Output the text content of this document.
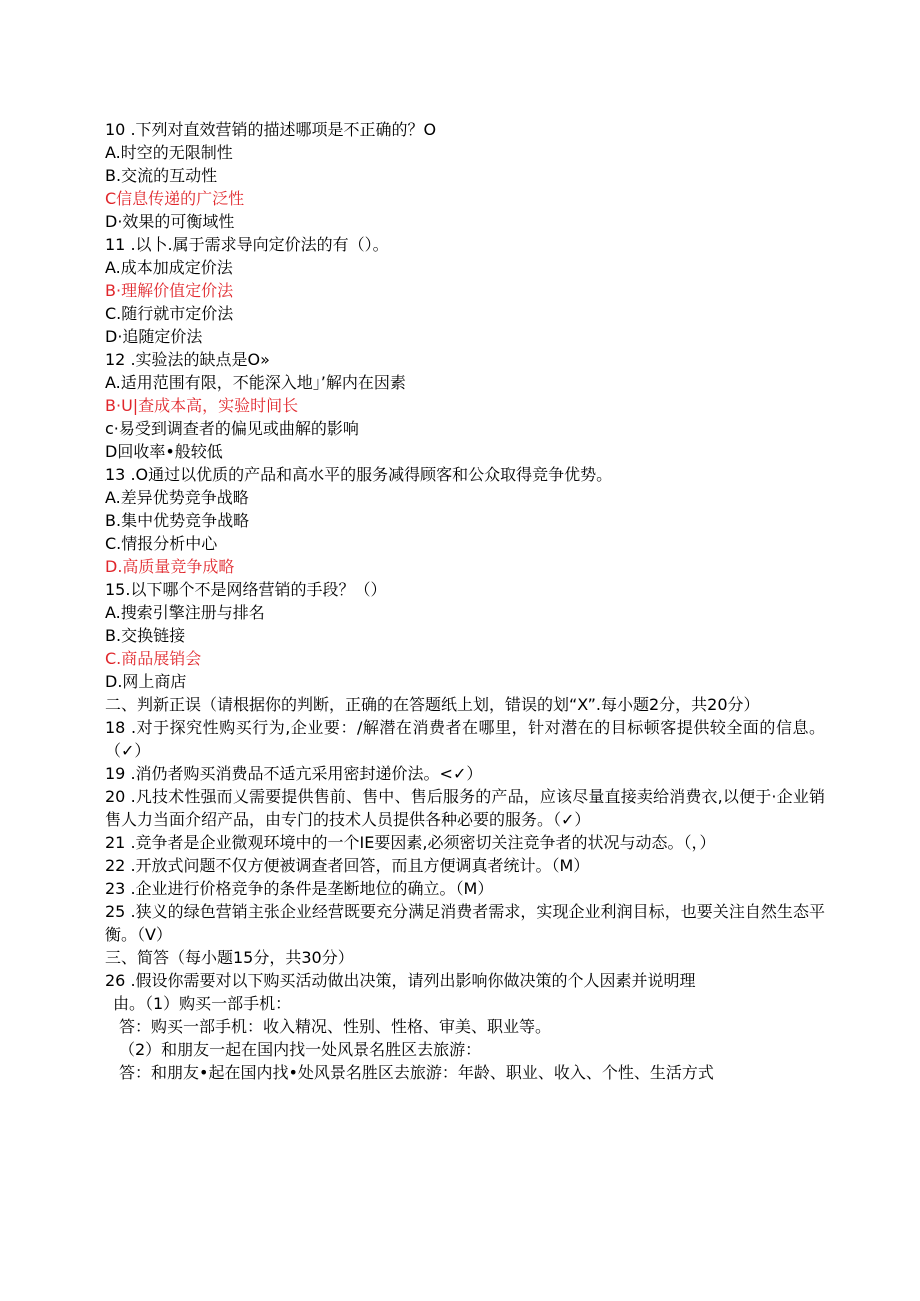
10 .下列对直效营销的描述哪项是不正确的？O

A.时空的无限制性

B.交流的互动性

C信息传递的广泛性

D·效果的可衡域性

11 .以卜.属于需求导向定价法的有（）。

A.成本加成定价法

B·理解价值定价法

C.随行就市定价法

D·追随定价法

12 .实验法的缺点是O»

A.适用范围有限，不能深入地」’解内在因素

B·U|查成本高，实验时间长

c·易受到调查者的偏见或曲解的影响

D回收率•般较低

13 .O通过以优质的产品和高水平的服务减得顾客和公众取得竞争优势。

A.差异优势竞争战略

B.集中优势竞争战略

C.情报分析中心

D.高质量竞争成略

15.以下哪个不是网络营销的手段？（）

A.搜索引擎注册与排名

B.交换链接

C.商品展销会

D.网上商店

二、判新正误（请根据你的判断，正确的在答题纸上划，错误的划“X”.每小题2分，共20分）

18 .对于探究性购买行为,企业要：/解潜在消费者在哪里，针对潜在的目标顿客提供较全面的信息。（✓）

19 .消仍者购买消费品不适亢采用密封递价法。<✓）

20 .凡技术性强而乂需要提供售前、售中、售后服务的产品，应该尽量直接卖给消费衣,以便于·企业销售人力当面介绍产品，由专门的技术人员提供各种必要的服务。（✓）

21 .竞争者是企业微观环境中的一个IE要因素,必须密切关注竞争者的状况与动态。（，）

22 .开放式问题不仅方便被调查者回答，而且方便调真者统计。（M）

23 .企业进行价格竞争的条件是垄断地位的确立。（M）

25 .狭义的绿色营销主张企业经营既要充分满足消费者需求，实现企业利润目标，也要关注自然生态平衡。（V）

三、简答（每小题15分，共30分）

26 .假设你需要对以下购买活动做出决策，请列出影响你做决策的个人因素并说明理

由。（1）购买一部手机：

答：购买一部手机：收入精况、性别、性格、审美、职业等。

（2）和朋友一起在国内找一处风景名胜区去旅游：

答：和朋友•起在国内找•处风景名胜区去旅游：年龄、职业、收入、个性、生活方式
